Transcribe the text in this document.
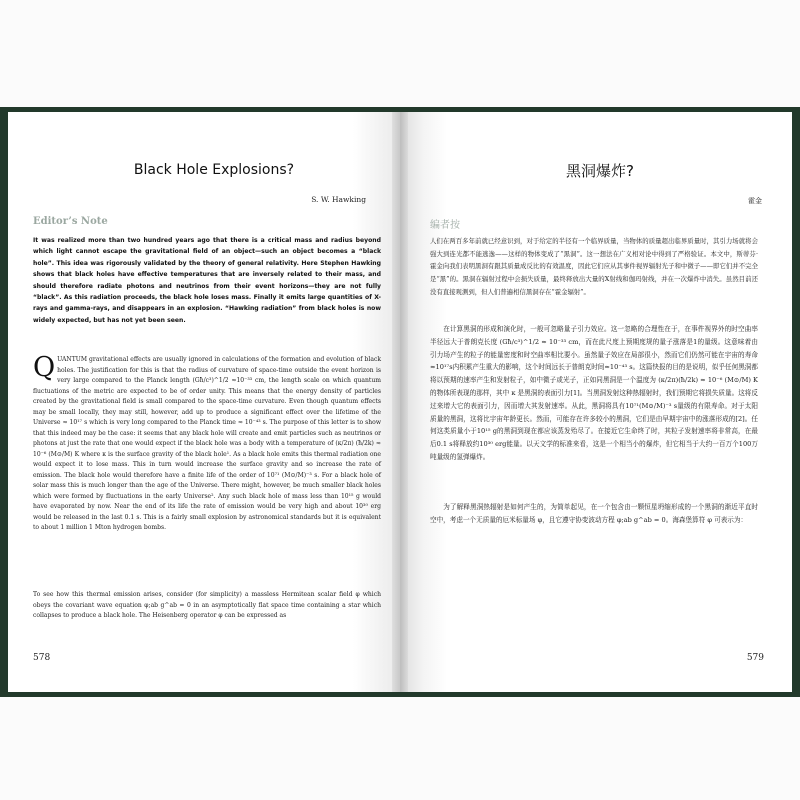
Black Hole Explosions?
S. W. Hawking
Editor’s Note
It was realized more than two hundred years ago that there is a critical mass and radius beyond which light cannot escape the gravitational field of an object—such an object becomes a “black hole”. This idea was rigorously validated by the theory of general relativity. Here Stephen Hawking shows that black holes have effective temperatures that are inversely related to their mass, and should therefore radiate photons and neutrinos from their event horizons—they are not fully “black”. As this radiation proceeds, the black hole loses mass. Finally it emits large quantities of X-rays and gamma-rays, and disappears in an explosion. “Hawking radiation” from black holes is now widely expected, but has not yet been seen.
QUANTUM gravitational effects are usually ignored in calculations of the formation and evolution of black holes. The justification for this is that the radius of curvature of space-time outside the event horizon is very large compared to the Planck length (Għ/c³)^1/2 ≈10⁻³³ cm, the length scale on which quantum fluctuations of the metric are expected to be of order unity. This means that the energy density of particles created by the gravitational field is small compared to the space-time curvature. Even though quantum effects may be small locally, they may still, however, add up to produce a significant effect over the lifetime of the Universe ≈ 10¹⁷ s which is very long compared to the Planck time ≈ 10⁻⁴³ s. The purpose of this letter is to show that this indeed may be the case: it seems that any black hole will create and emit particles such as neutrinos or photons at just the rate that one would expect if the black hole was a body with a temperature of (κ/2π) (ħ/2k) ≈ 10⁻⁶ (M⊙/M) K where κ is the surface gravity of the black hole¹. As a black hole emits this thermal radiation one would expect it to lose mass. This in turn would increase the surface gravity and so increase the rate of emission. The black hole would therefore have a finite life of the order of 10⁷¹ (M⊙/M)⁻³ s. For a black hole of solar mass this is much longer than the age of the Universe. There might, however, be much smaller black holes which were formed by fluctuations in the early Universe². Any such black hole of mass less than 10¹⁵ g would have evaporated by now. Near the end of its life the rate of emission would be very high and about 10³⁰ erg would be released in the last 0.1 s. This is a fairly small explosion by astronomical standards but it is equivalent to about 1 million 1 Mton hydrogen bombs.
To see how this thermal emission arises, consider (for simplicity) a massless Hermitean scalar field φ which obeys the covariant wave equation φ;ab g^ab = 0 in an asymptotically flat space time containing a star which collapses to produce a black hole. The Heisenberg operator φ can be expressed as
578
黑洞爆炸?
霍金
编者按
人们在两百多年前就已经意识到，对于给定的半径有一个临界质量，当物体的质量超出临界质量时，其引力场就将会强大到连光都不能逃逸——这样的物体变成了“黑洞”。这一想法在广义相对论中得到了严格验证。本文中，斯蒂芬·霍金向我们表明黑洞有跟其质量成反比的有效温度，因此它们应从其事件视界辐射光子和中微子——即它们并不完全是“黑”的。黑洞在辐射过程中会损失质量，最终释放出大量的X射线和伽玛射线，并在一次爆炸中消失。虽然目前还没有直接观测到，但人们普遍相信黑洞存在“霍金辐射”。
在计算黑洞的形成和演化时，一般可忽略量子引力效应。这一忽略的合理性在于，在事件视界外的时空曲率半径远大于普朗克长度 (Għ/c³)^1/2 ≈ 10⁻³³ cm，而在此尺度上预期度规的量子涨落是1的量级。这意味着由引力场产生的粒子的能量密度和时空曲率相比要小。虽然量子效应在局部很小，然而它们仍然可能在宇宙的寿命≈10¹⁷s内积累产生重大的影响，这个时间远长于普朗克时间≈10⁻⁴³ s。这篇快报的目的是说明，似乎任何黑洞都将以预期的速率产生和发射粒子，如中微子或光子，正如同黑洞是一个温度为 (κ/2π)(ħ/2k) ≈ 10⁻⁶ (M⊙/M) K 的物体所表现的那样，其中 κ 是黑洞的表面引力[1]。当黑洞发射这种热辐射时，我们预期它将损失质量。这将反过来增大它的表面引力，因而增大其发射速率。从此，黑洞将具有10⁷¹(M⊙/M)⁻³ s量级的有限寿命。对于太阳质量的黑洞，这将比宇宙年龄更长。然而，可能存在许多较小的黑洞，它们是由早期宇宙中的涨落形成的[2]。任何这类质量小于10¹⁵ g的黑洞到现在都应该蒸发殆尽了。在接近它生命终了时，其粒子发射速率将非常高，在最后0.1 s将释放约10³⁰ erg能量。以天文学的标准来看，这是一个相当小的爆炸，但它相当于大约一百万个100万吨量级的氢弹爆炸。
为了解释黑洞热辐射是如何产生的，为简单起见，在一个包含由一颗恒星坍缩形成的一个黑洞的渐近平直时空中，考虑一个无质量的厄米标量场 φ，且它遵守协变波动方程 φ;ab g^ab = 0。海森堡算符 φ 可表示为：
579
